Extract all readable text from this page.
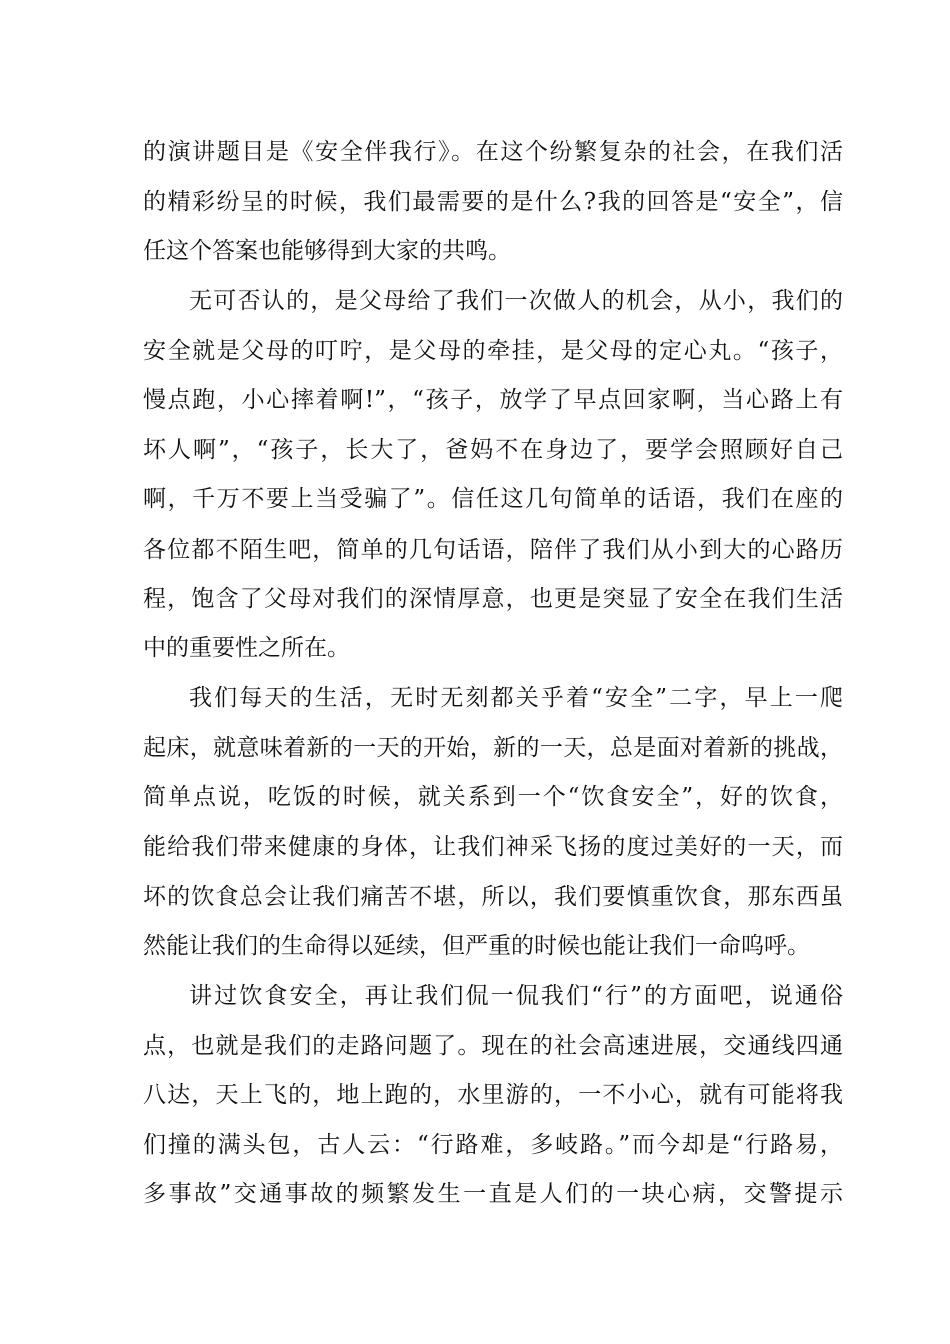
的演讲题目是《安全伴我行》。在这个纷繁复杂的社会，在我们活
的精彩纷呈的时候，我们最需要的是什么?我的回答是“安全”，信
任这个答案也能够得到大家的共鸣。
无可否认的，是父母给了我们一次做人的机会，从小，我们的
安全就是父母的叮咛，是父母的牵挂，是父母的定心丸。“孩子，
慢点跑，小心摔着啊!”，“孩子，放学了早点回家啊，当心路上有
坏人啊”，“孩子，长大了，爸妈不在身边了，要学会照顾好自己
啊，千万不要上当受骗了”。信任这几句简单的话语，我们在座的
各位都不陌生吧，简单的几句话语，陪伴了我们从小到大的心路历
程，饱含了父母对我们的深情厚意，也更是突显了安全在我们生活
中的重要性之所在。
我们每天的生活，无时无刻都关乎着“安全”二字，早上一爬
起床，就意味着新的一天的开始，新的一天，总是面对着新的挑战，
简单点说，吃饭的时候，就关系到一个“饮食安全”，好的饮食，
能给我们带来健康的身体，让我们神采飞扬的度过美好的一天，而
坏的饮食总会让我们痛苦不堪，所以，我们要慎重饮食，那东西虽
然能让我们的生命得以延续，但严重的时候也能让我们一命呜呼。
讲过饮食安全，再让我们侃一侃我们“行”的方面吧，说通俗
点，也就是我们的走路问题了。现在的社会高速进展，交通线四通
八达，天上飞的，地上跑的，水里游的，一不小心，就有可能将我
们撞的满头包，古人云：“行路难，多岐路。”而今却是“行路易，
多事故”交通事故的频繁发生一直是人们的一块心病，交警提示
